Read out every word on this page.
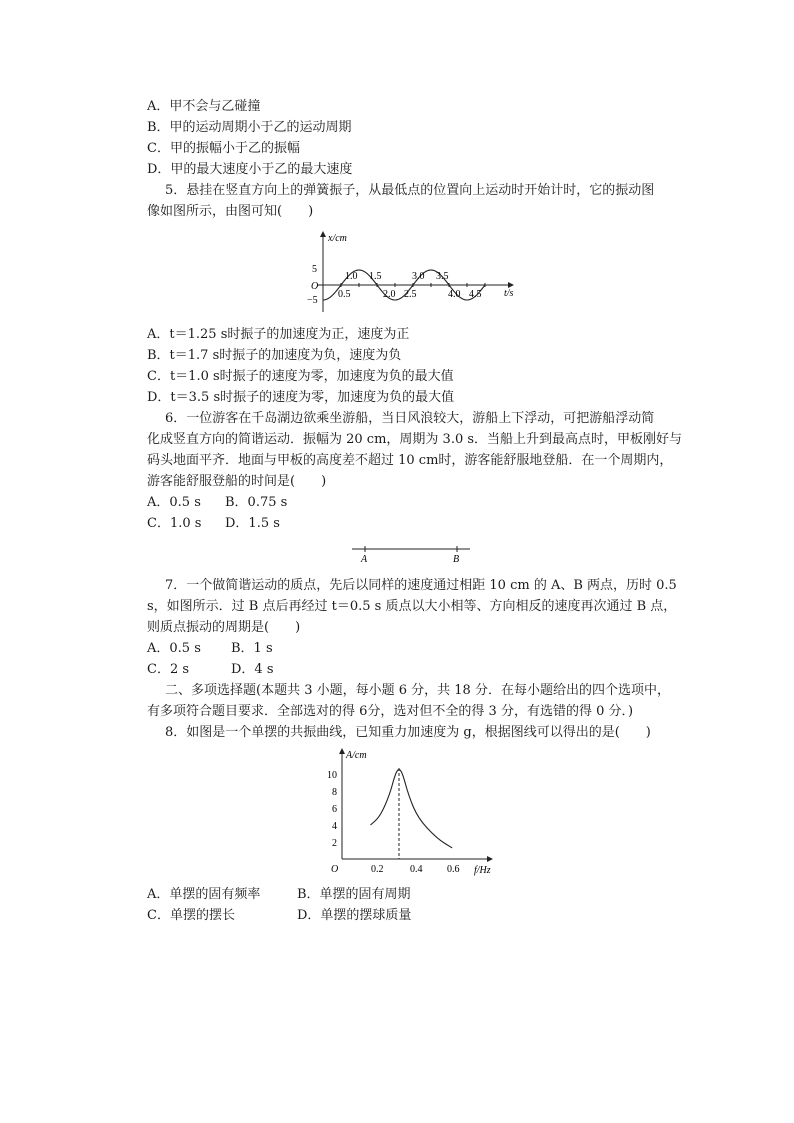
A．甲不会与乙碰撞
B．甲的运动周期小于乙的运动周期
C．甲的振幅小于乙的振幅
D．甲的最大速度小于乙的最大速度
5．悬挂在竖直方向上的弹簧振子，从最低点的位置向上运动时开始计时，它的振动图
像如图所示，由图可知(　　)
x/cm
t/s
O
5
−5
1.0 1.5	3.0 3.5
0.5	2.0 2.5	4.0 4.5
A．t＝1.25 s时振子的加速度为正，速度为正
B．t＝1.7 s时振子的加速度为负，速度为负
C．t＝1.0 s时振子的速度为零，加速度为负的最大值
D．t＝3.5 s时振子的速度为零，加速度为负的最大值
6．一位游客在千岛湖边欲乘坐游船，当日风浪较大，游船上下浮动，可把游船浮动简
化成竖直方向的简谐运动．振幅为 20 cm，周期为 3.0 s．当船上升到最高点时，甲板刚好与
码头地面平齐．地面与甲板的高度差不超过 10 cm时，游客能舒服地登船．在一个周期内，
游客能舒服登船的时间是(　　)
A．0.5 s B．0.75 s
C．1.0 s D．1.5 s
A	B
7．一个做简谐运动的质点，先后以同样的速度通过相距 10 cm 的 A、B 两点，历时 0.5
s，如图所示．过 B 点后再经过 t＝0.5 s 质点以大小相等、方向相反的速度再次通过 B 点，
则质点振动的周期是(　　)
A．0.5 s B．1 s
C．2 s	D．4 s
二、多项选择题(本题共 3 小题，每小题 6 分，共 18 分．在每小题给出的四个选项中，
有多项符合题目要求．全部选对的得 6分，选对但不全的得 3 分，有选错的得 0 分．)
8．如图是一个单摆的共振曲线，已知重力加速度为 g，根据图线可以得出的是(　　)
A/cm
f/Hz
O
10
8
6
4
2
0.2	0.4 0.6
A．单摆的固有频率	B．单摆的固有周期
C．单摆的摆长	D．单摆的摆球质量
